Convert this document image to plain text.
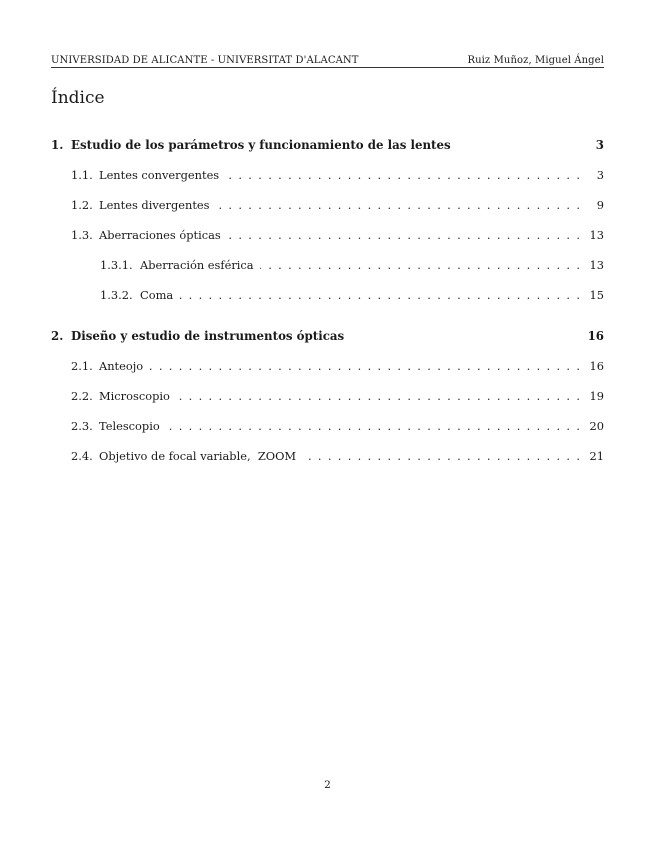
UNIVERSIDAD DE ALICANTE - UNIVERSITAT D'ALACANT	Ruiz Muñoz, Miguel Ángel
Índice
1. Estudio de los parámetros y funcionamiento de las lentes	3
1.1. Lentes convergentes . . .	3
1.2. Lentes divergentes . . .	9
1.3. Aberraciones ópticas . . .	13
1.3.1. Aberración esférica . . .	13
1.3.2. Coma . . .	15
2. Diseño y estudio de instrumentos ópticas	16
2.1. Anteojo . . .	16
2.2. Microscopio . . .	19
2.3. Telescopio . . .	20
2.4. Objetivo de focal variable,  ZOOM . . .	21
2
